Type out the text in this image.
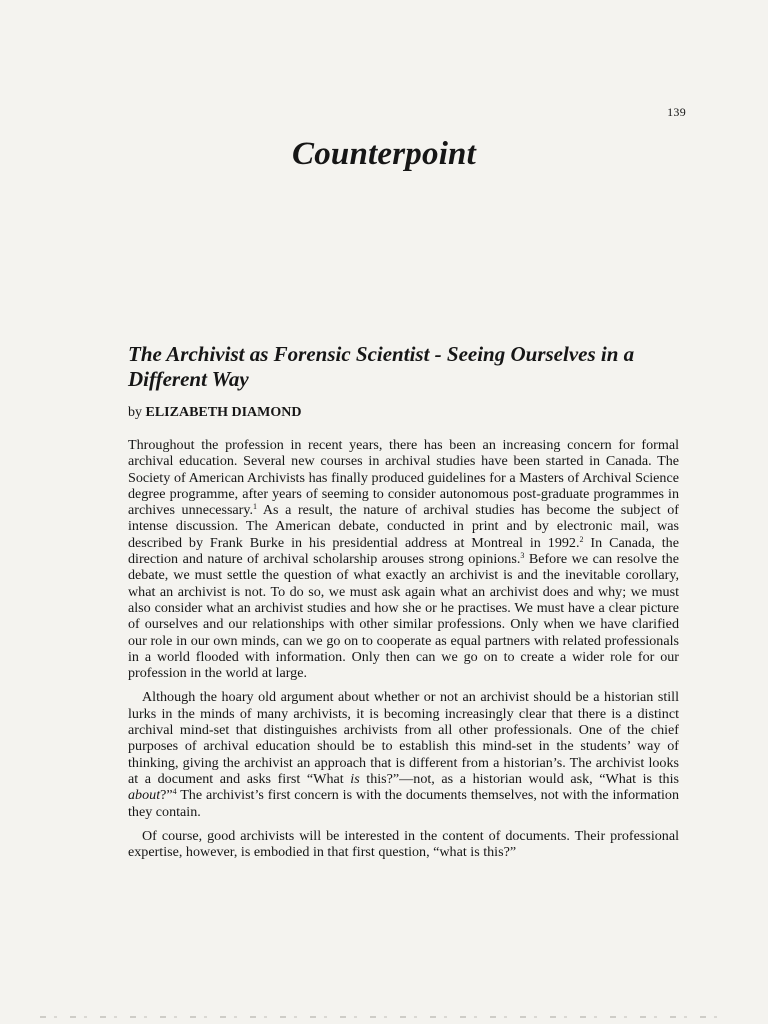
139
Counterpoint
The Archivist as Forensic Scientist - Seeing Ourselves in a Different Way
by ELIZABETH DIAMOND

Throughout the profession in recent years, there has been an increasing concern for formal archival education. Several new courses in archival studies have been started in Canada. The Society of American Archivists has finally produced guidelines for a Masters of Archival Science degree programme, after years of seeming to consider autonomous post-graduate programmes in archives unnecessary.$^1$ As a result, the nature of archival studies has become the subject of intense discussion. The American debate, conducted in print and by electronic mail, was described by Frank Burke in his presidential address at Montreal in 1992.$^2$ In Canada, the direction and nature of archival scholarship arouses strong opinions.$^3$ Before we can resolve the debate, we must settle the question of what exactly an archivist is and the inevitable corollary, what an archivist is not. To do so, we must ask again what an archivist does and why; we must also consider what an archivist studies and how she or he practises. We must have a clear picture of ourselves and our relationships with other similar professions. Only when we have clarified our role in our own minds, can we go on to cooperate as equal partners with related professionals in a world flooded with information. Only then can we go on to create a wider role for our profession in the world at large.

Although the hoary old argument about whether or not an archivist should be a historian still lurks in the minds of many archivists, it is becoming increasingly clear that there is a distinct archival mind-set that distinguishes archivists from all other professionals. One of the chief purposes of archival education should be to establish this mind-set in the students’ way of thinking, giving the archivist an approach that is different from a historian’s. The archivist looks at a document and asks first “What is this?”—not, as a historian would ask, “What is this about?”$^4$ The archivist’s first concern is with the documents themselves, not with the information they contain.

Of course, good archivists will be interested in the content of documents. Their professional expertise, however, is embodied in that first question, “what is this?”
